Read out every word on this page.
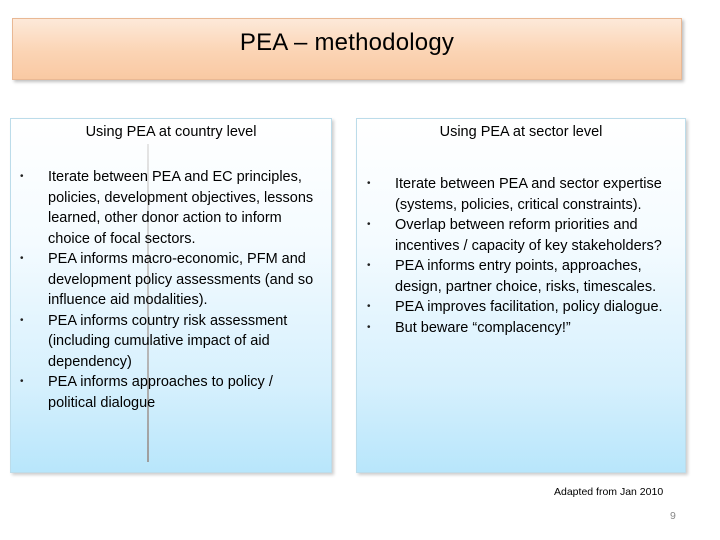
PEA – methodology
Using PEA at country level	Using PEA at sector level
•	Iterate between PEA and EC principles, policies, development objectives, lessons learned, other donor action to inform choice of focal sectors.
•	PEA informs macro-economic, PFM and development policy assessments (and so influence aid modalities).
•	PEA informs country risk assessment (including cumulative impact of aid dependency)
•	PEA informs approaches to policy / political dialogue
•	Iterate between PEA and sector expertise (systems, policies, critical constraints).
•	Overlap between reform priorities and incentives / capacity of key stakeholders?
•	PEA informs entry points, approaches, design, partner choice, risks, timescales.
•	PEA improves facilitation, policy dialogue.
•	But beware “complacency!”
Adapted from Jan 2010
9
